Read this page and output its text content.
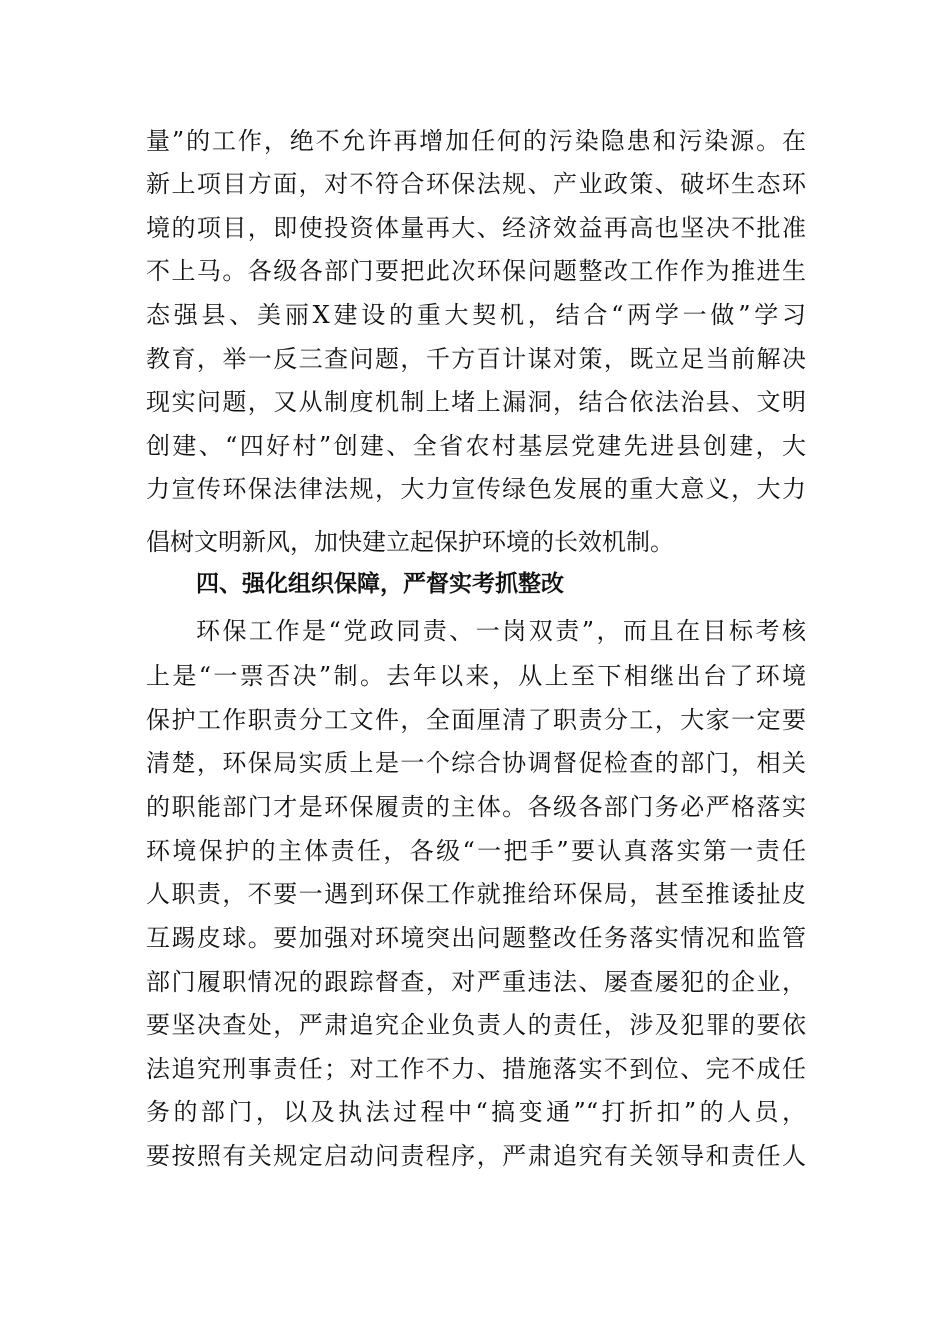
量”的工作，绝不允许再增加任何的污染隐患和污染源。在
新上项目方面，对不符合环保法规、产业政策、破坏生态环
境的项目，即使投资体量再大、经济效益再高也坚决不批准
不上马。各级各部门要把此次环保问题整改工作作为推进生
态强县、美丽X建设的重大契机，结合“两学一做”学习
教育，举一反三查问题，千方百计谋对策，既立足当前解决
现实问题，又从制度机制上堵上漏洞，结合依法治县、文明
创建、“四好村”创建、全省农村基层党建先进县创建，大
力宣传环保法律法规，大力宣传绿色发展的重大意义，大力
倡树文明新风，加快建立起保护环境的长效机制。
四、强化组织保障，严督实考抓整改
环保工作是“党政同责、一岗双责”，而且在目标考核
上是“一票否决”制。去年以来，从上至下相继出台了环境
保护工作职责分工文件，全面厘清了职责分工，大家一定要
清楚，环保局实质上是一个综合协调督促检查的部门，相关
的职能部门才是环保履责的主体。各级各部门务必严格落实
环境保护的主体责任，各级“一把手”要认真落实第一责任
人职责，不要一遇到环保工作就推给环保局，甚至推诿扯皮
互踢皮球。要加强对环境突出问题整改任务落实情况和监管
部门履职情况的跟踪督查，对严重违法、屡查屡犯的企业，
要坚决查处，严肃追究企业负责人的责任，涉及犯罪的要依
法追究刑事责任；对工作不力、措施落实不到位、完不成任
务的部门，以及执法过程中“搞变通”“打折扣”的人员，
要按照有关规定启动问责程序，严肃追究有关领导和责任人
